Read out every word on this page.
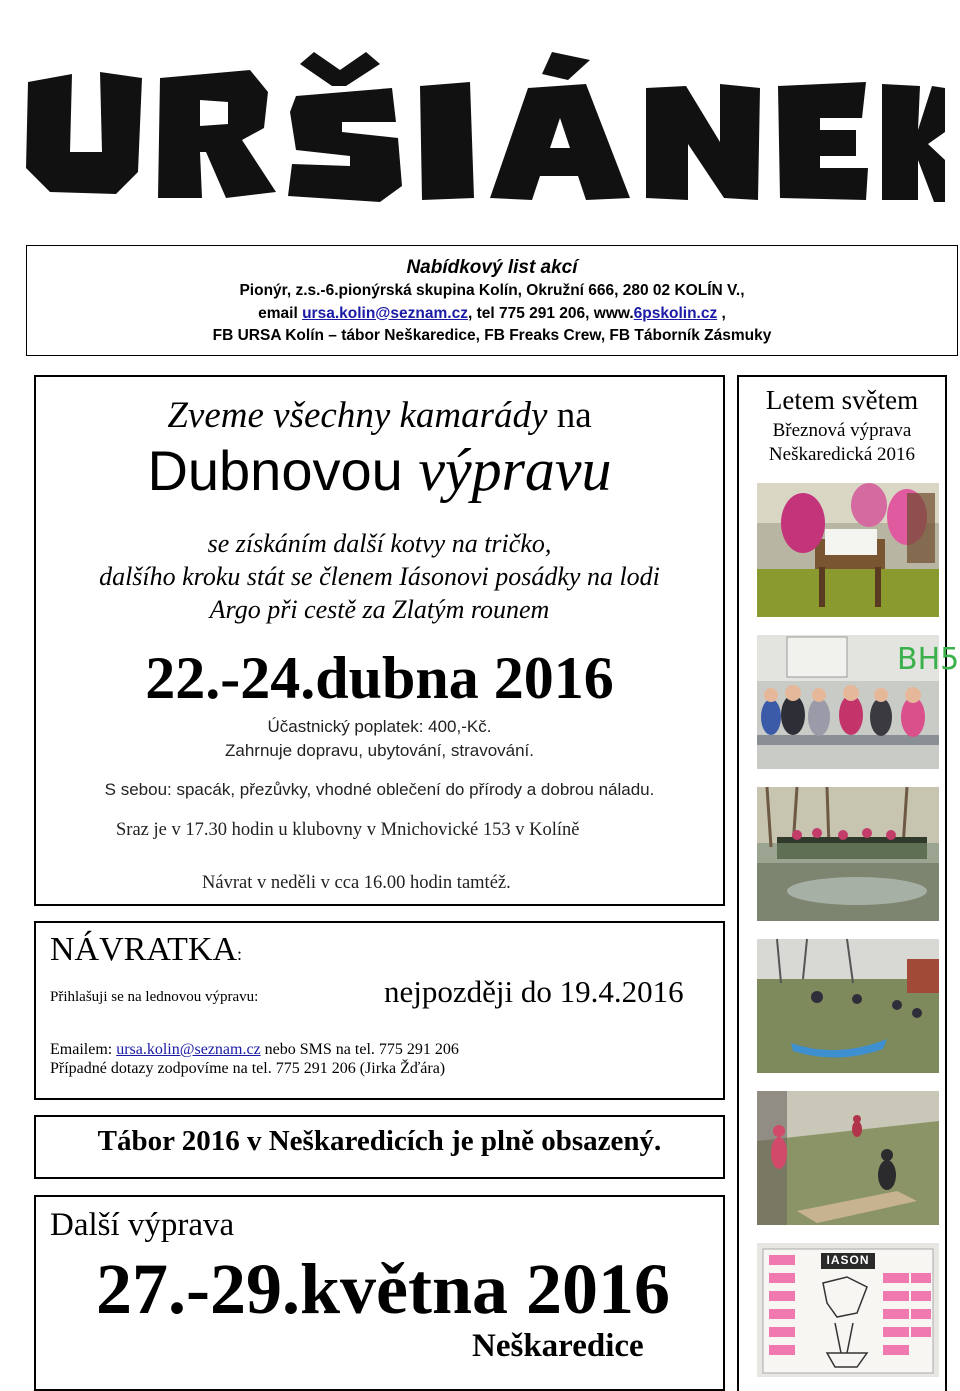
Nabídkový list akcí
Pionýr, z.s.-6.pionýrská skupina Kolín, Okružní 666, 280 02 KOLÍN V.,
email ursa.kolin@seznam.cz, tel 775 291 206, www.6pskolin.cz ,
FB URSA Kolín – tábor Neškaredice, FB Freaks Crew, FB Táborník Zásmuky
Zveme všechny kamarády na
Dubnovou výpravu
se získáním další kotvy na tričko,
dalšího kroku stát se členem Iásonovi posádky na lodi
Argo při cestě za Zlatým rounem
22.-24.dubna 2016
Účastnický poplatek: 400,-Kč.
Zahrnuje dopravu, ubytování, stravování.
S sebou: spacák, přezůvky, vhodné oblečení do přírody a dobrou náladu.
Sraz je v 17.30 hodin u klubovny v Mnichovické 153 v Kolíně
Návrat v neděli v cca 16.00 hodin tamtéž.
NÁVRATKA:
Přihlašuji se na lednovou výpravu:	nejpozději do 19.4.2016
Emailem: ursa.kolin@seznam.cz nebo SMS na tel. 775 291 206
Případné dotazy zodpovíme na tel. 775 291 206 (Jirka Žďára)
Tábor 2016 v Neškaredicích je plně obsazený.
Další výprava
27.-29.května 2016
Neškaredice
Letem světem
Březnová výprava
Neškaredická 2016
BH5
IASON
